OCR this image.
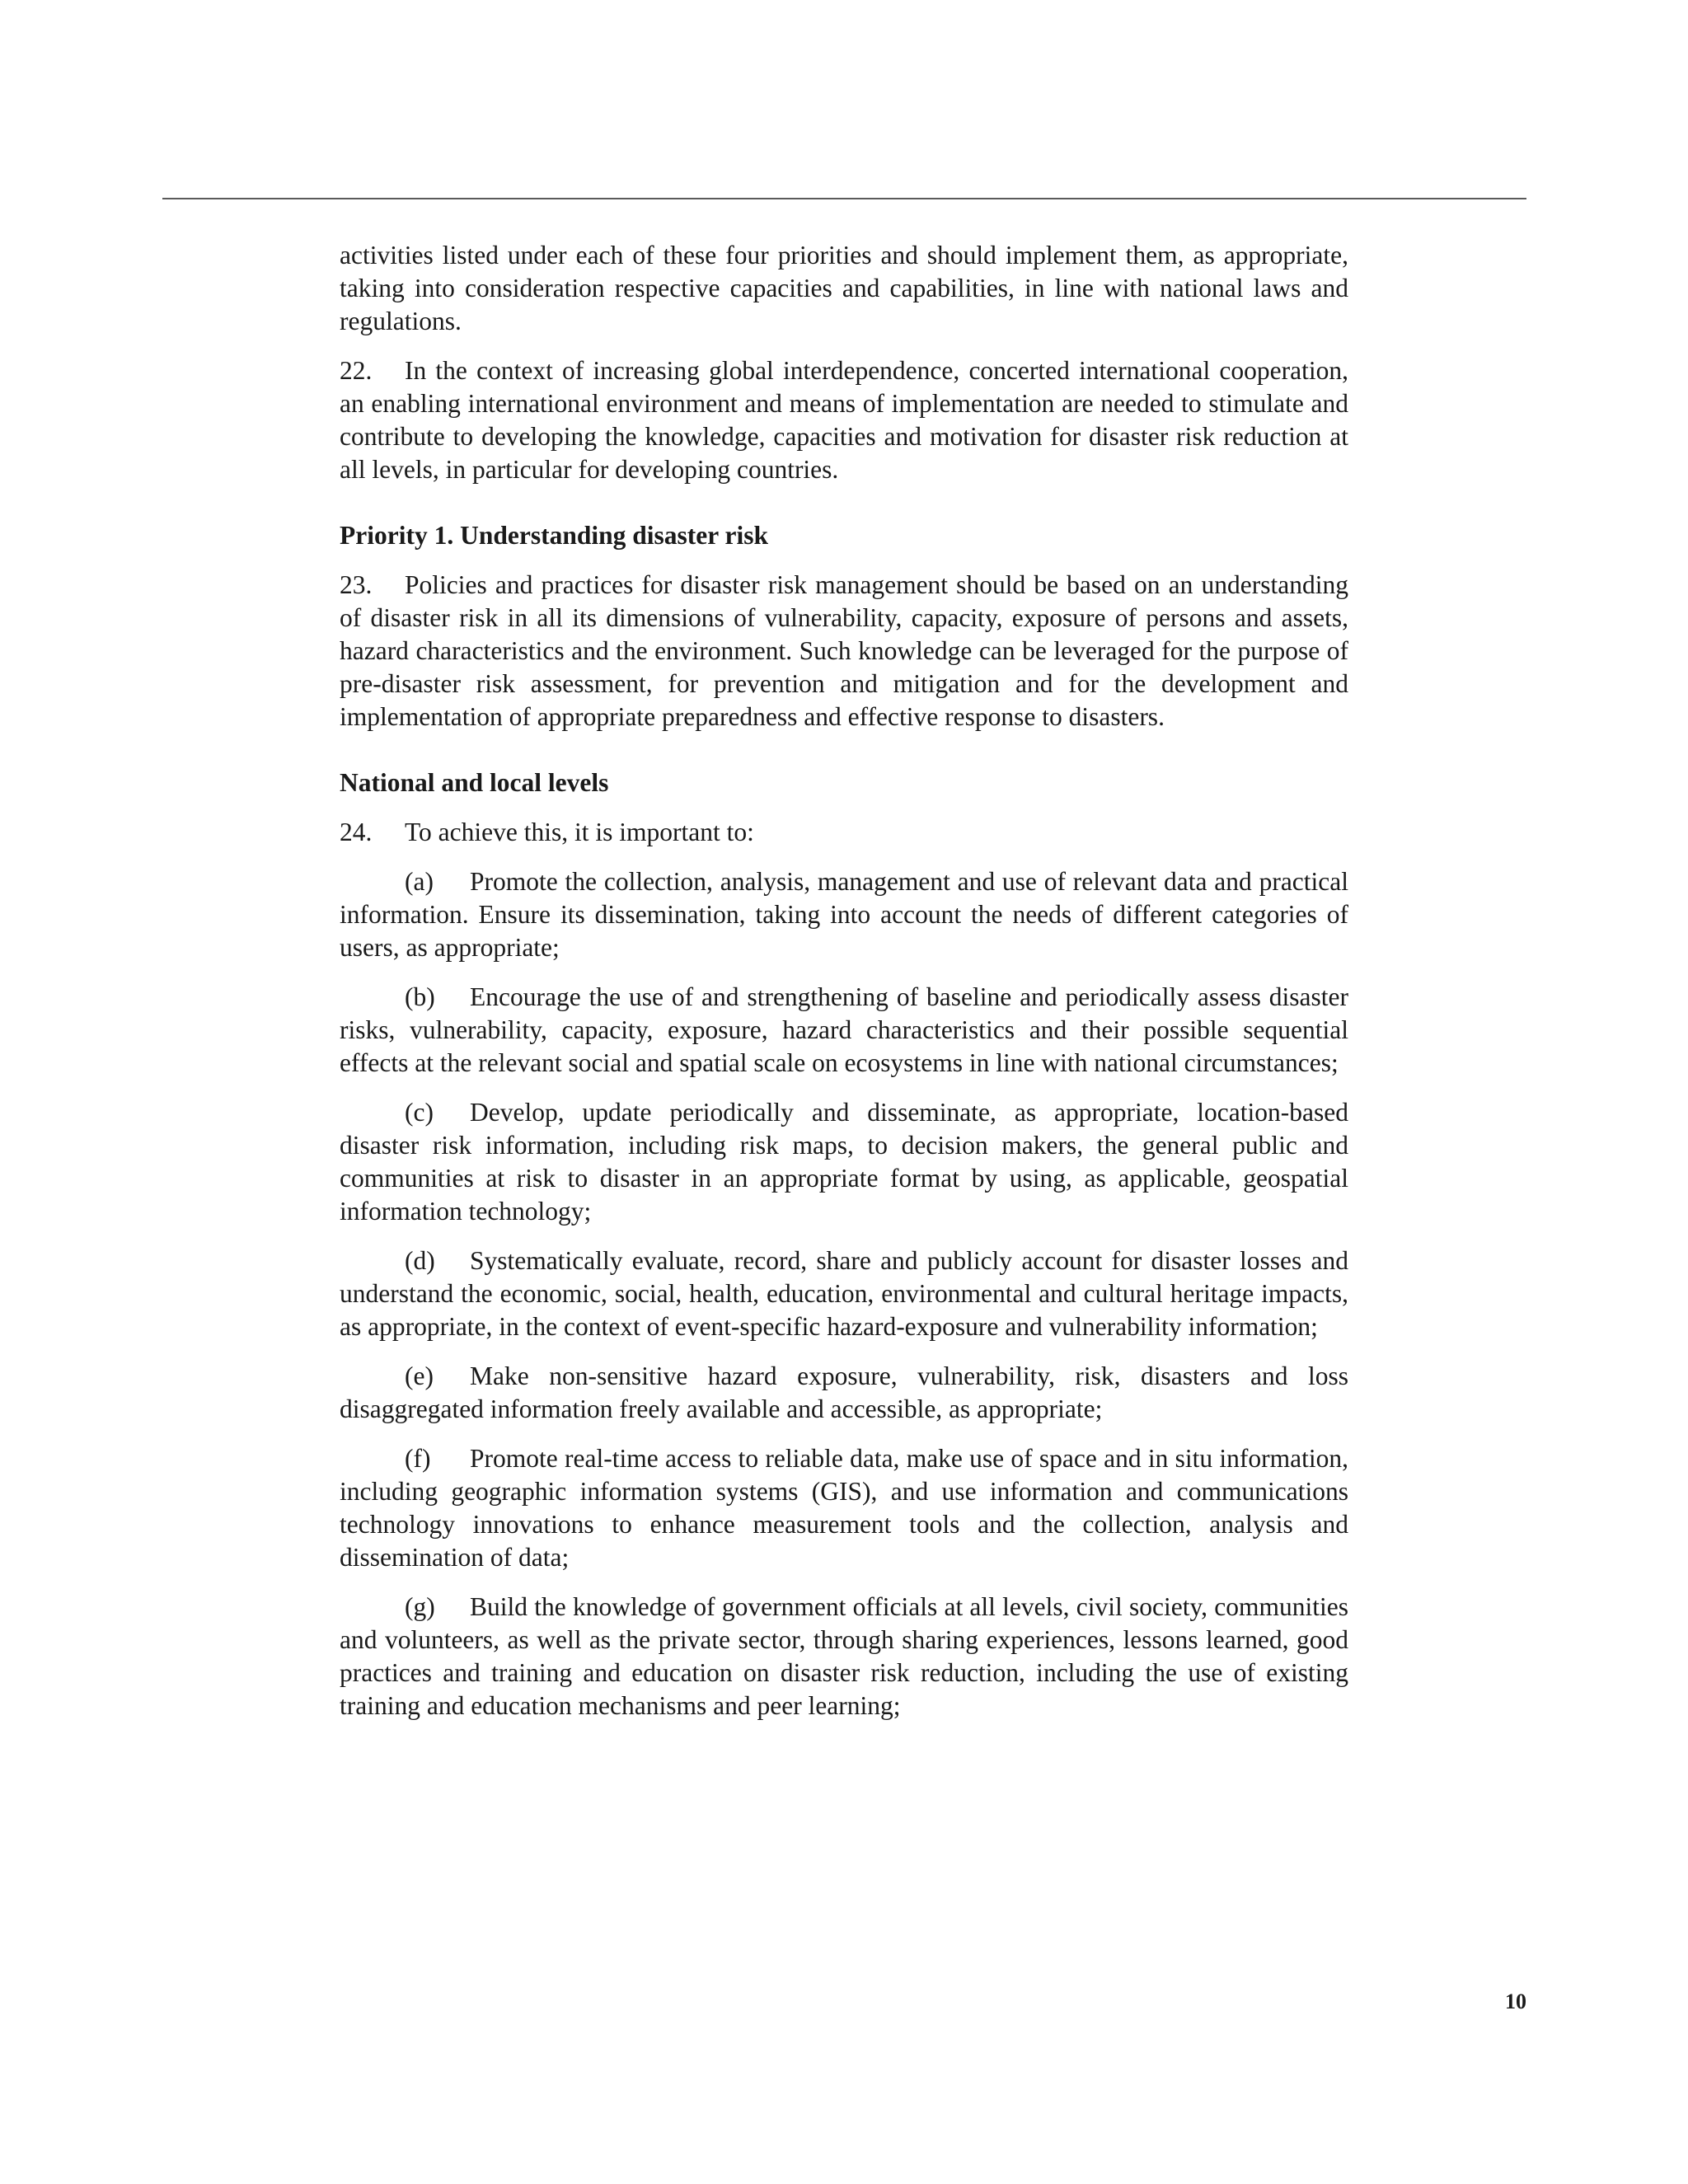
activities listed under each of these four priorities and should implement them, as appropriate, taking into consideration respective capacities and capabilities, in line with national laws and regulations.

22. In the context of increasing global interdependence, concerted international cooperation, an enabling international environment and means of implementation are needed to stimulate and contribute to developing the knowledge, capacities and motivation for disaster risk reduction at all levels, in particular for developing countries.

Priority 1. Understanding disaster risk

23. Policies and practices for disaster risk management should be based on an understanding of disaster risk in all its dimensions of vulnerability, capacity, exposure of persons and assets, hazard characteristics and the environment. Such knowledge can be leveraged for the purpose of pre-disaster risk assessment, for prevention and mitigation and for the development and implementation of appropriate preparedness and effective response to disasters.

National and local levels

24. To achieve this, it is important to:

(a) Promote the collection, analysis, management and use of relevant data and practical information. Ensure its dissemination, taking into account the needs of different categories of users, as appropriate;

(b) Encourage the use of and strengthening of baseline and periodically assess disaster risks, vulnerability, capacity, exposure, hazard characteristics and their possible sequential effects at the relevant social and spatial scale on ecosystems in line with national circumstances;

(c) Develop, update periodically and disseminate, as appropriate, location-based disaster risk information, including risk maps, to decision makers, the general public and communities at risk to disaster in an appropriate format by using, as applicable, geospatial information technology;

(d) Systematically evaluate, record, share and publicly account for disaster losses and understand the economic, social, health, education, environmental and cultural heritage impacts, as appropriate, in the context of event-specific hazard-exposure and vulnerability information;

(e) Make non-sensitive hazard exposure, vulnerability, risk, disasters and loss disaggregated information freely available and accessible, as appropriate;

(f) Promote real-time access to reliable data, make use of space and in situ information, including geographic information systems (GIS), and use information and communications technology innovations to enhance measurement tools and the collection, analysis and dissemination of data;

(g) Build the knowledge of government officials at all levels, civil society, communities and volunteers, as well as the private sector, through sharing experiences, lessons learned, good practices and training and education on disaster risk reduction, including the use of existing training and education mechanisms and peer learning;

10
